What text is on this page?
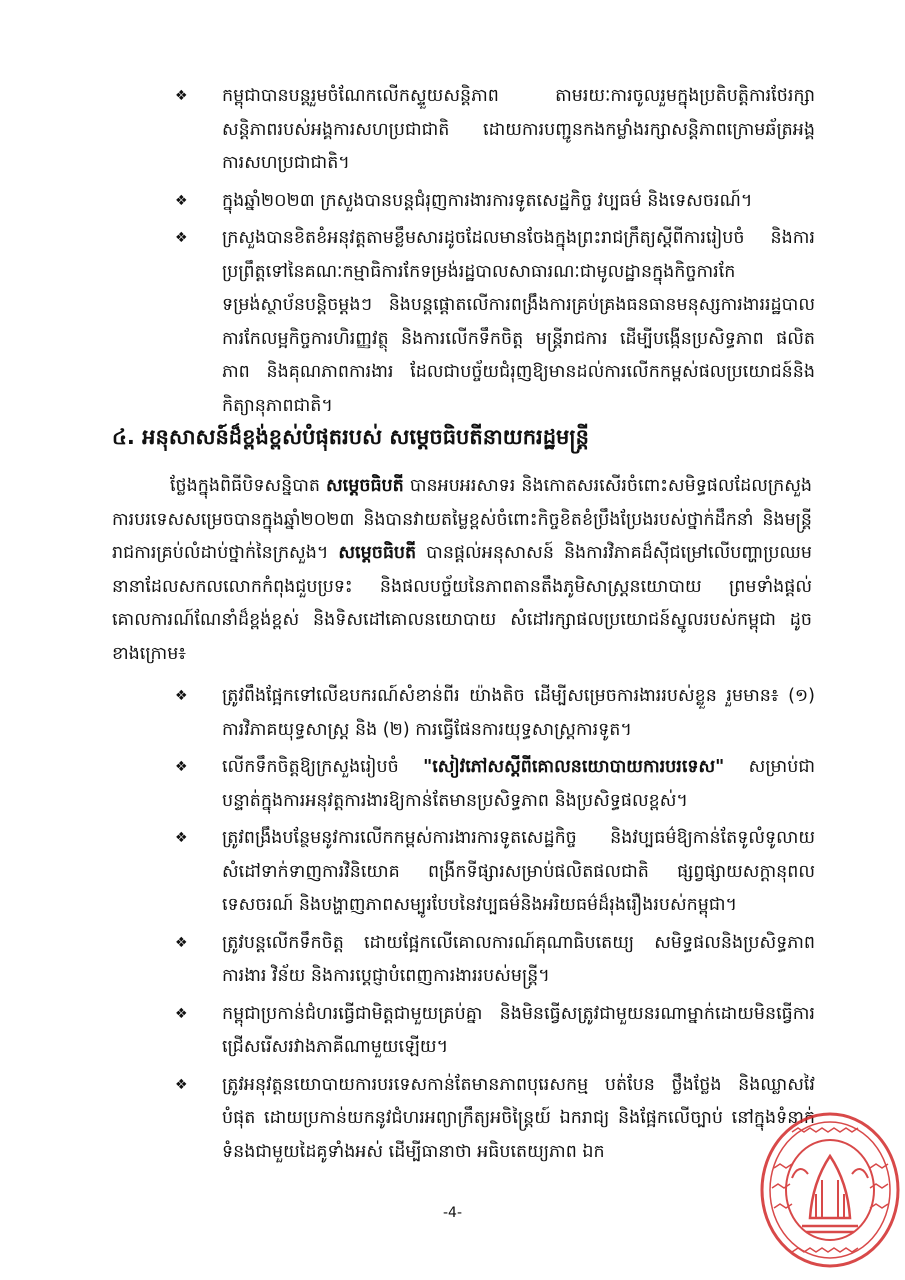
❖	កម្ពុជាបានបន្តរួមចំណែកលើកស្ទួយសន្តិភាព តាមរយៈការចូលរួមក្នុងប្រតិបត្តិការថែរក្សាសន្តិភាពរបស់អង្គការសហប្រជាជាតិ ដោយការបញ្ជូនកងកម្លាំងរក្សាសន្តិភាពក្រោមឆ័ត្រអង្គការសហប្រជាជាតិ។
❖	ក្នុងឆ្នាំ២០២៣ ក្រសួងបានបន្តជំរុញការងារការទូតសេដ្ឋកិច្ច វប្បធម៌ និងទេសចរណ៍។
❖	ក្រសួងបានខិតខំអនុវត្តតាមខ្លឹមសារដូចដែលមានចែងក្នុងព្រះរាជក្រឹត្យស្តីពីការរៀបចំ និងការប្រព្រឹត្តទៅនៃគណៈកម្មាធិការកែទម្រង់រដ្ឋបាលសាធារណៈជាមូលដ្ឋានក្នុងកិច្ចការកែទម្រង់ស្ថាប័នបន្តិចម្តងៗ និងបន្តផ្តោតលើការពង្រឹងការគ្រប់គ្រងធនធានមនុស្សការងាររដ្ឋបាល ការកែលម្អកិច្ចការហិរញ្ញវត្ថុ និងការលើកទឹកចិត្ត មន្ត្រីរាជការ ដើម្បីបង្កើនប្រសិទ្ធភាព ផលិតភាព និងគុណភាពការងារ ដែលជាបច្ច័យជំរុញឱ្យមានដល់ការលើកកម្ពស់ផលប្រយោជន៍និងកិត្យានុភាពជាតិ។
៤. អនុសាសន៍ដ៏ខ្ពង់ខ្ពស់បំផុតរបស់ សម្ដេចធិបតីនាយករដ្ឋមន្ត្រី

ថ្លែងក្នុងពិធីបិទសន្និបាត សម្ដេចធិបតី បានអបអរសាទរ និងកោតសរសើរចំពោះសមិទ្ធផលដែលក្រសួងការបរទេសសម្រេចបានក្នុងឆ្នាំ២០២៣ និងបានវាយតម្លៃខ្ពស់ចំពោះកិច្ចខិតខំប្រឹងប្រែងរបស់ថ្នាក់ដឹកនាំ និងមន្ត្រីរាជការគ្រប់លំដាប់ថ្នាក់នៃក្រសួង។ សម្ដេចធិបតី បានផ្តល់អនុសាសន៍ និងការវិភាគដ៏ស៊ីជម្រៅលើបញ្ហាប្រឈមនានាដែលសកលលោកកំពុងជួបប្រទះ និងផលបច្ច័យនៃភាពតានតឹងភូមិសាស្ត្រនយោបាយ ព្រមទាំងផ្តល់គោលការណ៍ណែនាំដ៏ខ្ពង់ខ្ពស់ និងទិសដៅគោលនយោបាយ សំដៅរក្សាផលប្រយោជន៍ស្នូលរបស់កម្ពុជា ដូចខាងក្រោម៖

❖	ត្រូវពឹងផ្អែកទៅលើឧបករណ៍សំខាន់ពីរ យ៉ាងតិច ដើម្បីសម្រេចការងាររបស់ខ្លួន រួមមាន៖ (១) ការវិភាគយុទ្ធសាស្ត្រ និង (២) ការធ្វើផែនការយុទ្ធសាស្ត្រការទូត។
❖	លើកទឹកចិត្តឱ្យក្រសួងរៀបចំ "សៀវភៅសស្តីពីគោលនយោបាយការបរទេស" សម្រាប់ជាបន្ទាត់ក្នុងការអនុវត្តការងារឱ្យកាន់តែមានប្រសិទ្ធភាព និងប្រសិទ្ធផលខ្ពស់។
❖	ត្រូវពង្រឹងបន្ថែមនូវការលើកកម្ពស់ការងារការទូតសេដ្ឋកិច្ច និងវប្បធម៌ឱ្យកាន់តែទូលំទូលាយ សំដៅទាក់ទាញការវិនិយោគ ពង្រីកទីផ្សារសម្រាប់ផលិតផលជាតិ ផ្សព្វផ្សាយសក្តានុពលទេសចរណ៍ និងបង្ហាញភាពសម្បូរបែបនៃវប្បធម៌និងអរិយធម៌ដ៏រុងរឿងរបស់កម្ពុជា។
❖	ត្រូវបន្តលើកទឹកចិត្ត ដោយផ្អែកលើគោលការណ៍គុណាធិបតេយ្យ សមិទ្ធផលនិងប្រសិទ្ធភាពការងារ វិន័យ និងការប្តេជ្ញាបំពេញការងាររបស់មន្ត្រី។
❖	កម្ពុជាប្រកាន់ជំហរធ្វើជាមិត្តជាមួយគ្រប់គ្នា និងមិនធ្វើសត្រូវជាមួយនរណាម្នាក់ដោយមិនធ្វើការជ្រើសរើសរវាងភាគីណាមួយឡើយ។
❖	ត្រូវអនុវត្តនយោបាយការបរទេសកាន់តែមានភាពបុរេសកម្ម បត់បែន ថ្លឹងថ្លែង និងឈ្លាសវៃបំផុត ដោយប្រកាន់យកនូវជំហរអព្យាក្រឹត្យអចិន្ត្រៃយ៍ ឯករាជ្យ និងផ្អែកលើច្បាប់ នៅក្នុងទំនាក់ទំនងជាមួយដៃគូទាំងអស់ ដើម្បីធានាថា អធិបតេយ្យភាព ឯក
-4-
